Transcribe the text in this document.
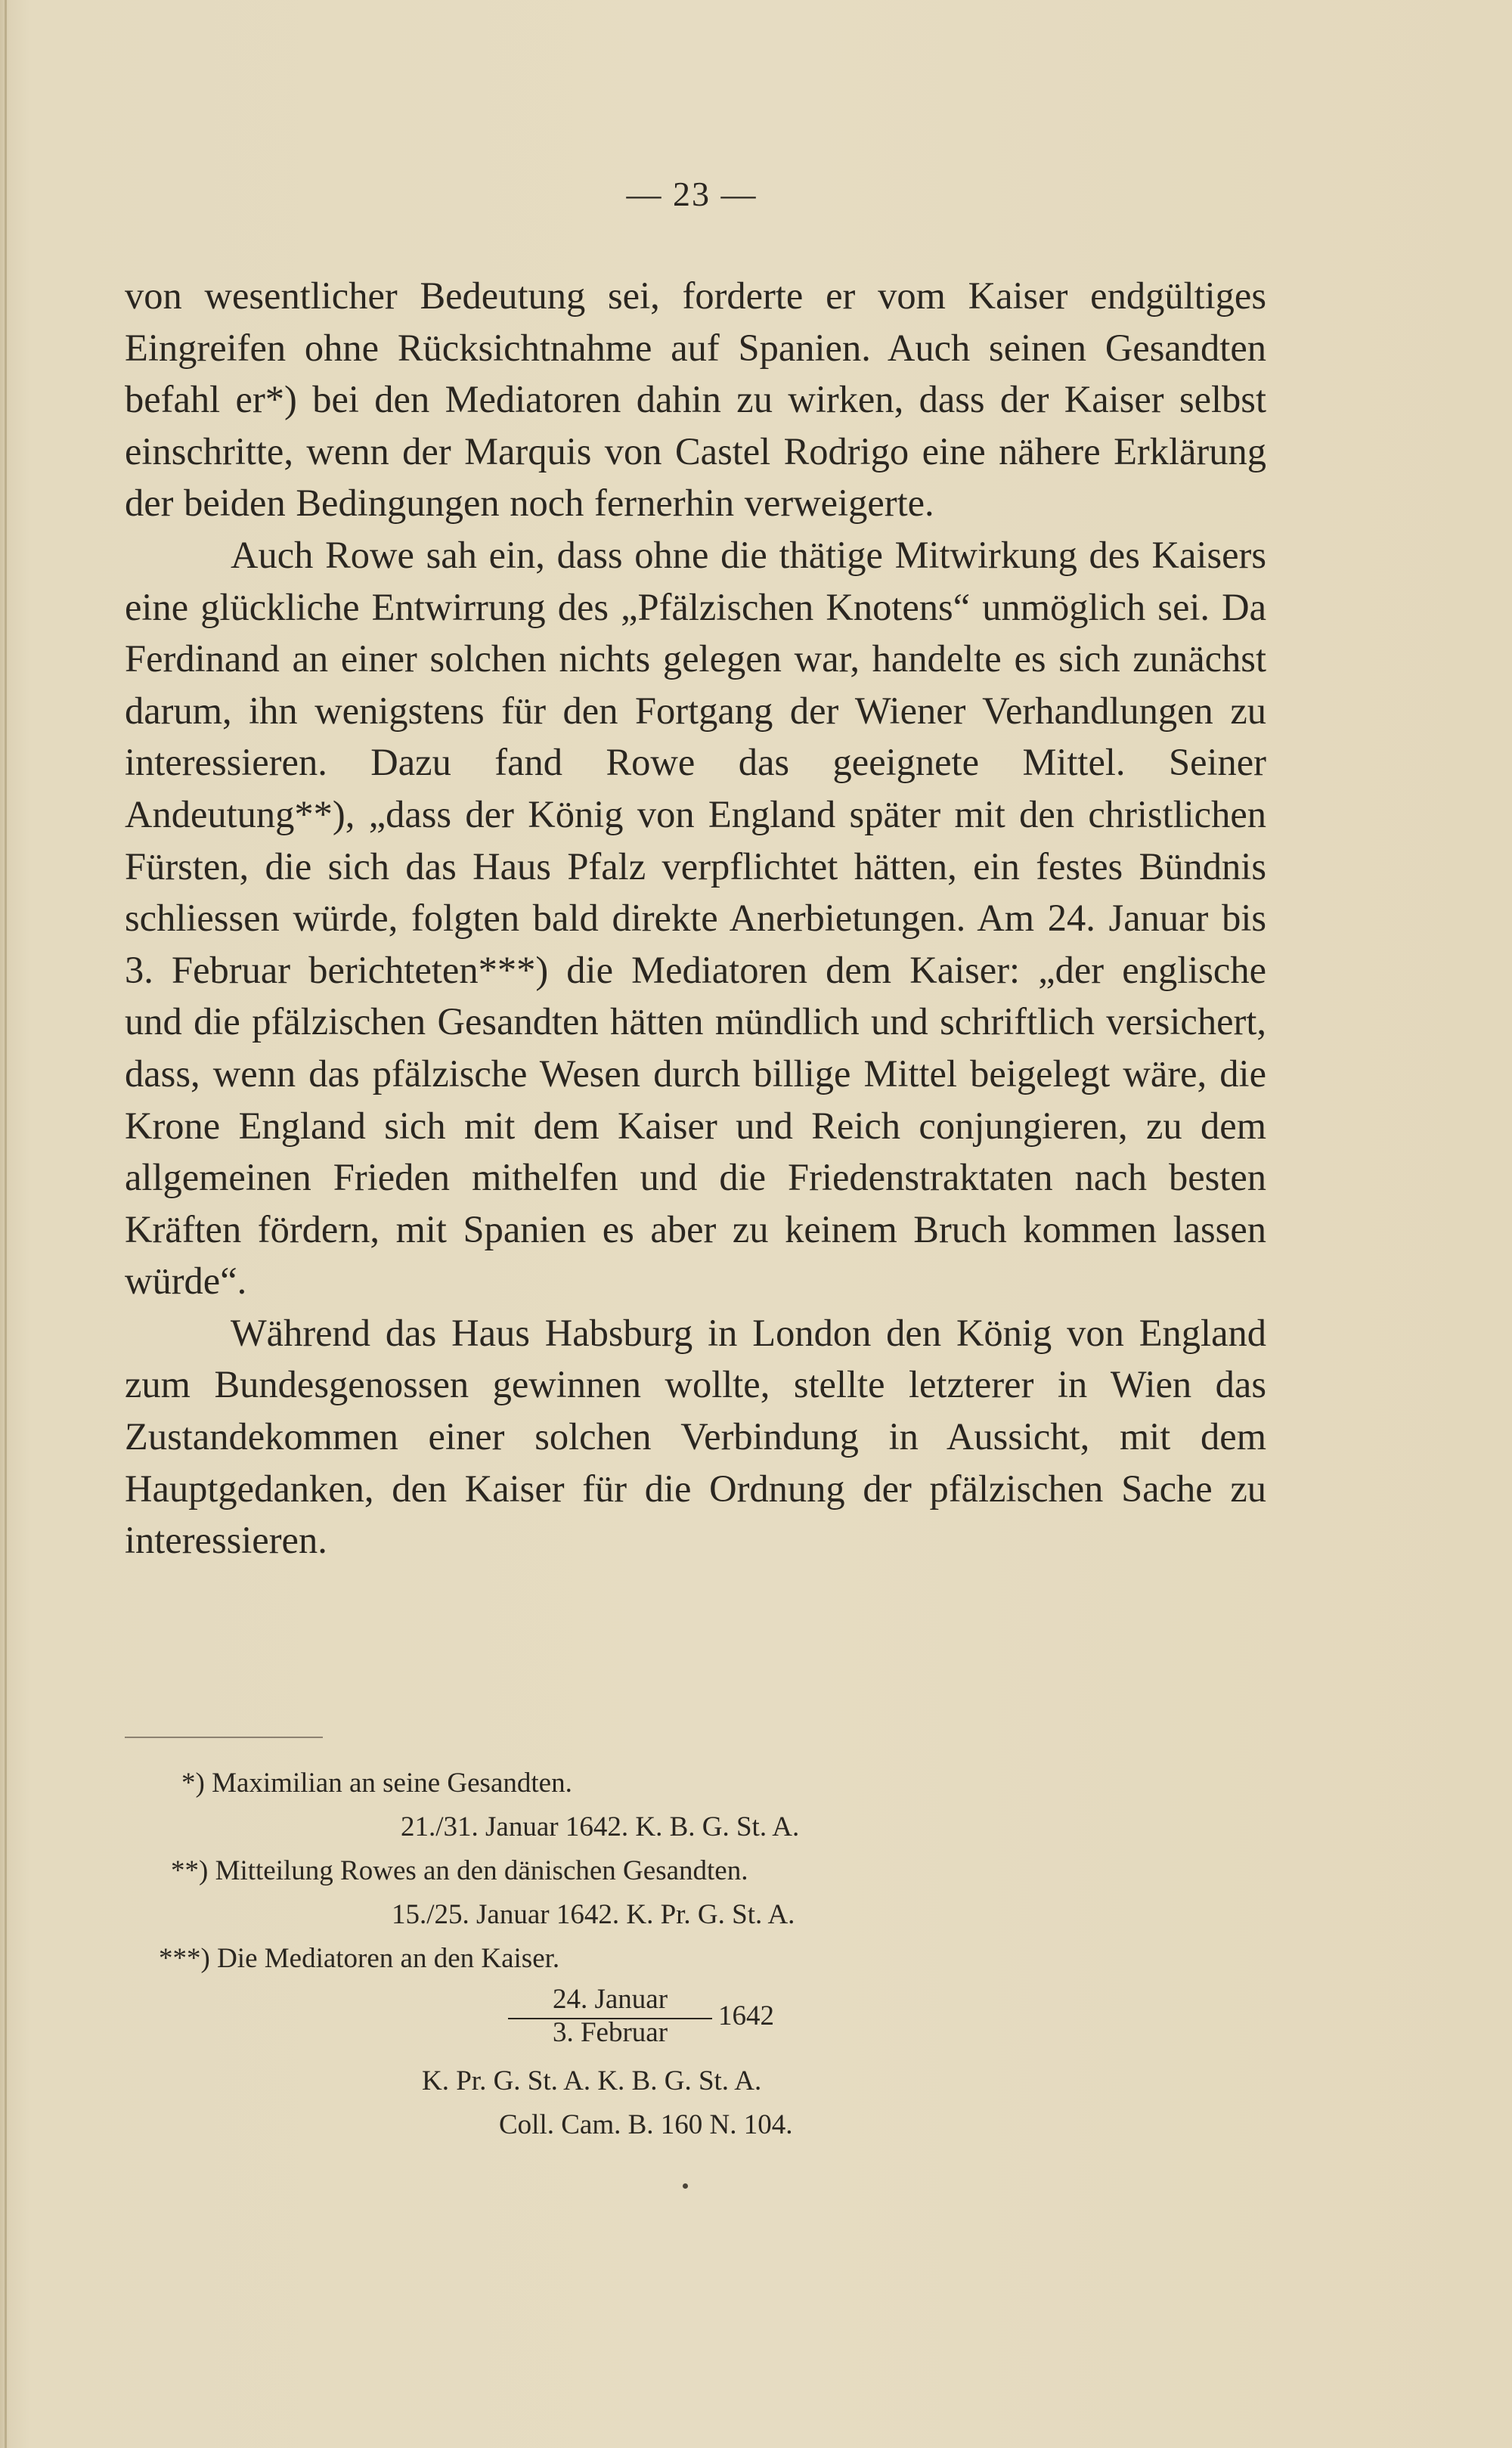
— 23 —

von wesentlicher Bedeutung sei, forderte er vom Kaiser endgültiges Eingreifen ohne Rücksichtnahme auf Spanien. Auch seinen Gesandten befahl er*) bei den Mediatoren dahin zu wirken, dass der Kaiser selbst einschritte, wenn der Marquis von Castel Rodrigo eine nähere Erklärung der beiden Bedingungen noch fernerhin verweigerte.

Auch Rowe sah ein, dass ohne die thätige Mitwirkung des Kaisers eine glückliche Entwirrung des „Pfälzischen Knotens“ unmöglich sei. Da Ferdinand an einer solchen nichts gelegen war, handelte es sich zunächst darum, ihn wenigstens für den Fortgang der Wiener Verhandlungen zu interessieren. Dazu fand Rowe das geeignete Mittel. Seiner Andeutung**), „dass der König von England später mit den christlichen Fürsten, die sich das Haus Pfalz verpflichtet hätten, ein festes Bündnis schliessen würde, folgten bald direkte Anerbietungen. Am 24. Januar bis 3. Februar berichteten***) die Mediatoren dem Kaiser: „der englische und die pfälzischen Gesandten hätten mündlich und schriftlich versichert, dass, wenn das pfälzische Wesen durch billige Mittel beigelegt wäre, die Krone England sich mit dem Kaiser und Reich conjungieren, zu dem allgemeinen Frieden mithelfen und die Friedenstraktaten nach besten Kräften fördern, mit Spanien es aber zu keinem Bruch kommen lassen würde“.

Während das Haus Habsburg in London den König von England zum Bundesgenossen gewinnen wollte, stellte letzterer in Wien das Zustandekommen einer solchen Verbindung in Aussicht, mit dem Hauptgedanken, den Kaiser für die Ordnung der pfälzischen Sache zu interessieren.

*) Maximilian an seine Gesandten.
21./31. Januar 1642. K. B. G. St. A.
**) Mitteilung Rowes an den dänischen Gesandten.
15./25. Januar 1642. K. Pr. G. St. A.
***) Die Mediatoren an den Kaiser.
24. Januar
3. Februar
1642
K. Pr. G. St. A. K. B. G. St. A.
Coll. Cam. B. 160 N. 104.
